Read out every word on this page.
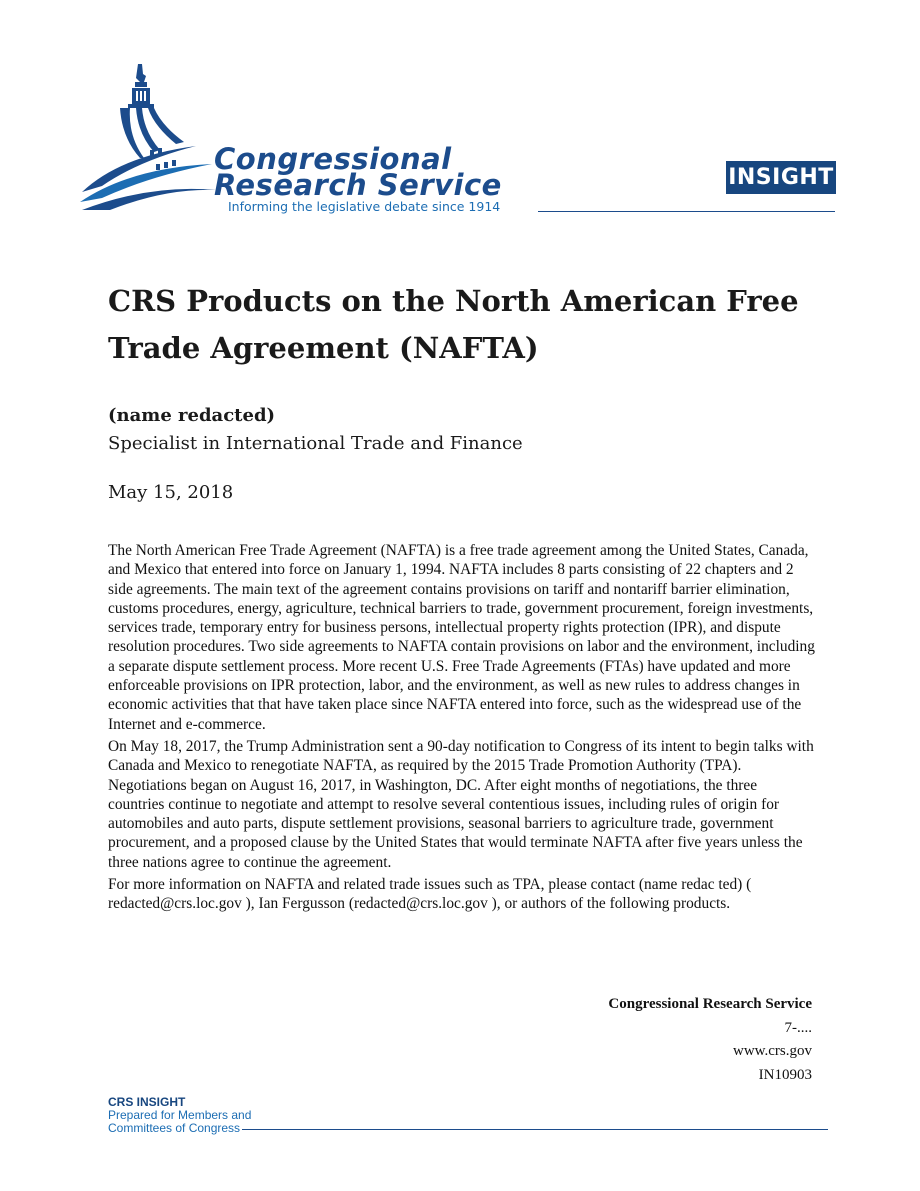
Congressional
Research Service
Informing the legislative debate since 1914
INSIGHT
CRS Products on the North American Free Trade Agreement (NAFTA)
(name redacted)
Specialist in International Trade and Finance
May 15, 2018

The North American Free Trade Agreement (NAFTA) is a free trade agreement among the United States, Canada, and Mexico that entered into force on January 1, 1994. NAFTA includes 8 parts consisting of 22 chapters and 2 side agreements. The main text of the agreement contains provisions on tariff and nontariff barrier elimination, customs procedures, energy, agriculture, technical barriers to trade, government procurement, foreign investments, services trade, temporary entry for business persons, intellectual property rights protection (IPR), and dispute resolution procedures. Two side agreements to NAFTA contain provisions on labor and the environment, including a separate dispute settlement process. More recent U.S. Free Trade Agreements (FTAs) have updated and more enforceable provisions on IPR protection, labor, and the environment, as well as new rules to address changes in economic activities that that have taken place since NAFTA entered into force, such as the widespread use of the Internet and e-commerce.

On May 18, 2017, the Trump Administration sent a 90-day notification to Congress of its intent to begin talks with Canada and Mexico to renegotiate NAFTA, as required by the 2015 Trade Promotion Authority (TPA). Negotiations began on August 16, 2017, in Washington, DC. After eight months of negotiations, the three countries continue to negotiate and attempt to resolve several contentious issues, including rules of origin for automobiles and auto parts, dispute settlement provisions, seasonal barriers to agriculture trade, government procurement, and a proposed clause by the United States that would terminate NAFTA after five years unless the three nations agree to continue the agreement.

For more information on NAFTA and related trade issues such as TPA, please contact (name redac ted) ( redacted@crs.loc.gov ), Ian Fergusson (redacted@crs.loc.gov ), or authors of the following products.

Congressional Research Service
7-....
www.crs.gov
IN10903
CRS INSIGHT
Prepared for Members and
Committees of Congress
